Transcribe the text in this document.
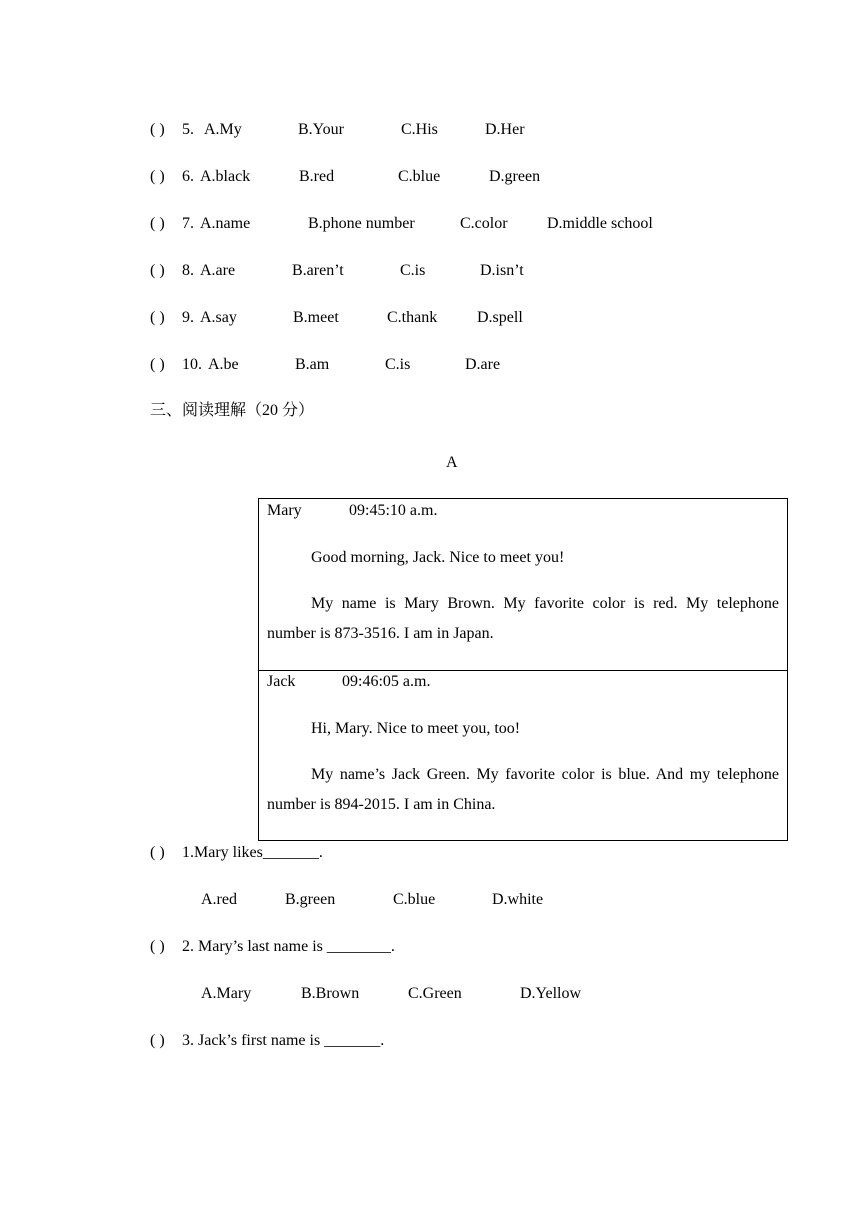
( ) 5. A.My	B.Your	C.His	D.Her
( ) 6. A.black	B.red	C.blue	D.green
( ) 7. A.name	B.phone number	C.color D.middle school
( ) 8. A.are	B.aren’t	C.is	D.isn’t
( ) 9. A.say	B.meet	C.thank D.spell
( ) 10. A.be	B.am	C.is	D.are
三、阅读理解（20 分）
A
Mary	09:45:10 a.m.
Good morning, Jack. Nice to meet you!
My name is Mary Brown. My favorite color is red. My telephone number is 873-3516. I am in Japan.
Jack	09:46:05 a.m.
Hi, Mary. Nice to meet you, too!
My name’s Jack Green. My favorite color is blue. And my telephone number is 894-2015. I am in China.
( ) 1.Mary likes_______.
A.red	B.green	C.blue	D.white
( ) 2. Mary’s last name is ________.
A.Mary	B.Brown	C.Green	D.Yellow
( ) 3. Jack’s first name is _______.
